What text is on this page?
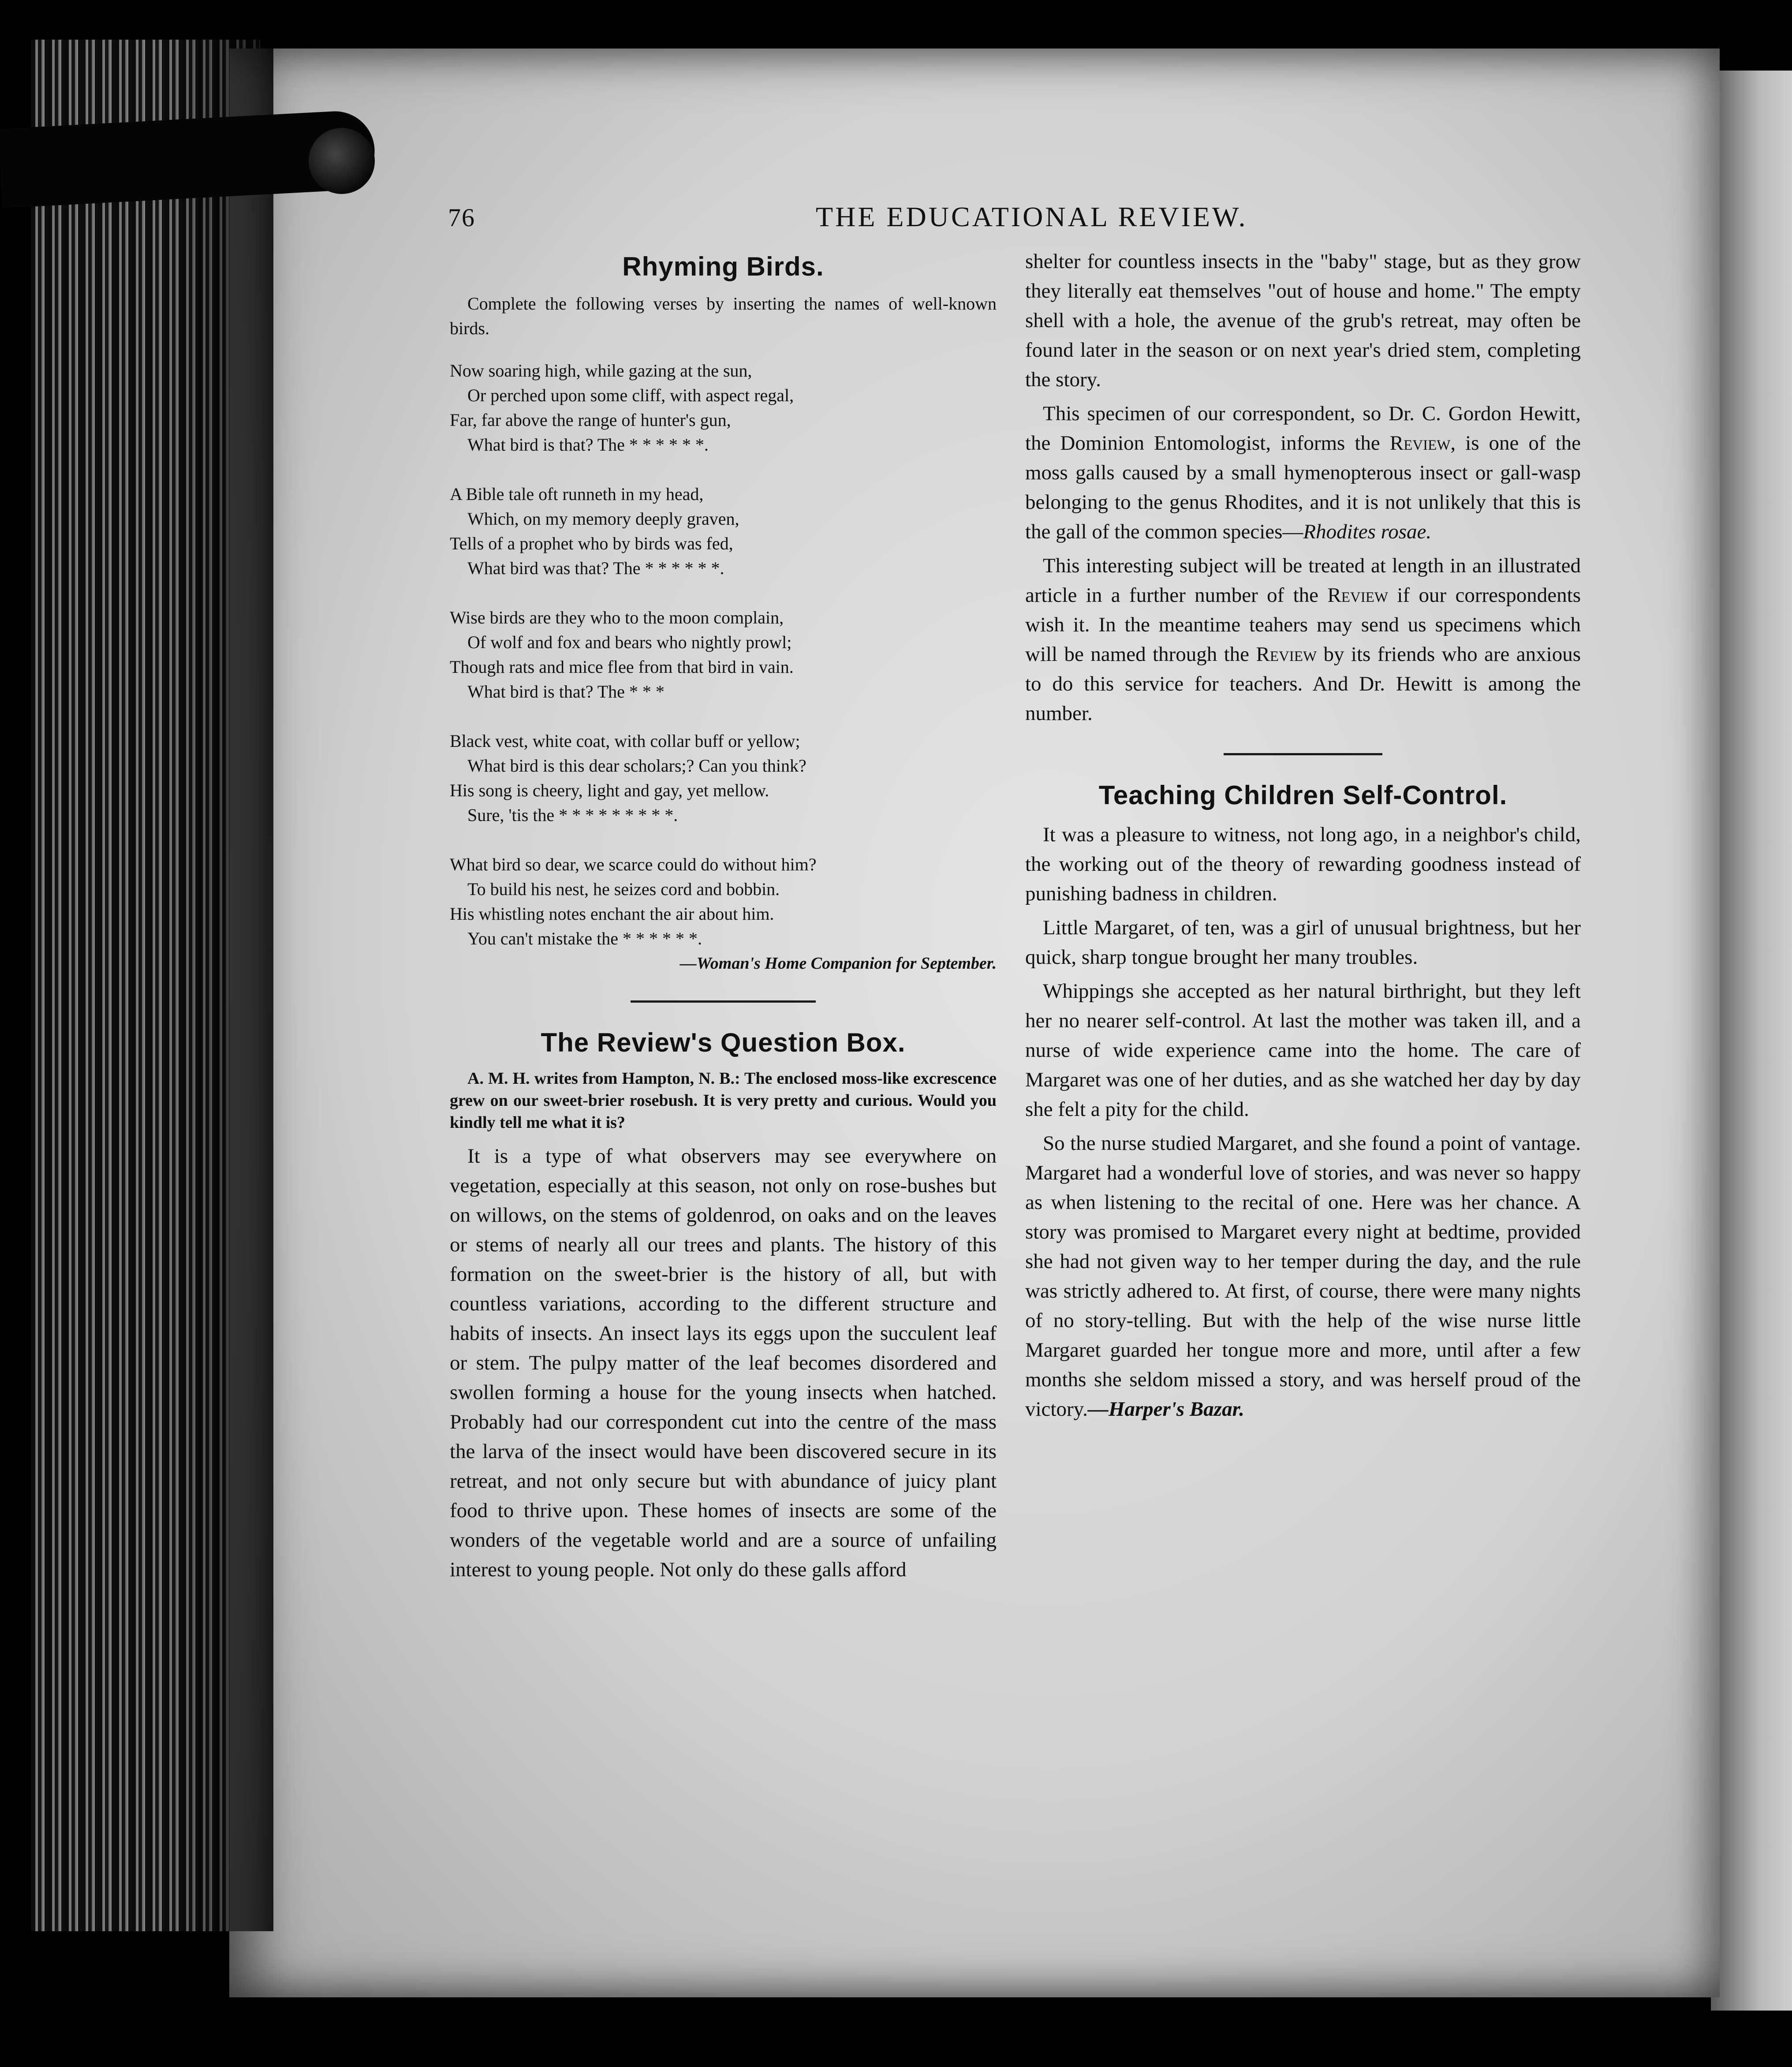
76	THE EDUCATIONAL REVIEW.
Rhyming Birds.

Complete the following verses by inserting the names of well-known birds.

Now soaring high, while gazing at the sun,
Or perched upon some cliff, with aspect regal,
Far, far above the range of hunter's gun,
What bird is that? The * * * * * *.
A Bible tale oft runneth in my head,
Which, on my memory deeply graven,
Tells of a prophet who by birds was fed,
What bird was that? The * * * * * *.
Wise birds are they who to the moon complain,
Of wolf and fox and bears who nightly prowl;
Though rats and mice flee from that bird in vain.
What bird is that? The * * *
Black vest, white coat, with collar buff or yellow;
What bird is this dear scholars;? Can you think?
His song is cheery, light and gay, yet mellow.
Sure, 'tis the * * * * * * * * *.
What bird so dear, we scarce could do without him?
To build his nest, he seizes cord and bobbin.
His whistling notes enchant the air about him.
You can't mistake the * * * * * *.
—Woman's Home Companion for September.
The Review's Question Box.

A. M. H. writes from Hampton, N. B.: The enclosed moss-like excrescence grew on our sweet-brier rosebush. It is very pretty and curious. Would you kindly tell me what it is?

It is a type of what observers may see everywhere on vegetation, especially at this season, not only on rose-bushes but on willows, on the stems of goldenrod, on oaks and on the leaves or stems of nearly all our trees and plants. The history of this formation on the sweet-brier is the history of all, but with countless variations, according to the different structure and habits of insects. An insect lays its eggs upon the succulent leaf or stem. The pulpy matter of the leaf becomes disordered and swollen forming a house for the young insects when hatched. Probably had our correspondent cut into the centre of the mass the larva of the insect would have been discovered secure in its retreat, and not only secure but with abundance of juicy plant food to thrive upon. These homes of insects are some of the wonders of the vegetable world and are a source of unfailing interest to young people. Not only do these galls afford

shelter for countless insects in the "baby" stage, but as they grow they literally eat themselves "out of house and home." The empty shell with a hole, the avenue of the grub's retreat, may often be found later in the season or on next year's dried stem, completing the story.

This specimen of our correspondent, so Dr. C. Gordon Hewitt, the Dominion Entomologist, informs the Review, is one of the moss galls caused by a small hymenopterous insect or gall-wasp belonging to the genus Rhodites, and it is not unlikely that this is the gall of the common species—Rhodites rosae.

This interesting subject will be treated at length in an illustrated article in a further number of the Review if our correspondents wish it. In the meantime teahers may send us specimens which will be named through the Review by its friends who are anxious to do this service for teachers. And Dr. Hewitt is among the number.

Teaching Children Self-Control.

It was a pleasure to witness, not long ago, in a neighbor's child, the working out of the theory of rewarding goodness instead of punishing badness in children.

Little Margaret, of ten, was a girl of unusual brightness, but her quick, sharp tongue brought her many troubles.

Whippings she accepted as her natural birthright, but they left her no nearer self-control. At last the mother was taken ill, and a nurse of wide experience came into the home. The care of Margaret was one of her duties, and as she watched her day by day she felt a pity for the child.

So the nurse studied Margaret, and she found a point of vantage. Margaret had a wonderful love of stories, and was never so happy as when listening to the recital of one. Here was her chance. A story was promised to Margaret every night at bedtime, provided she had not given way to her temper during the day, and the rule was strictly adhered to. At first, of course, there were many nights of no story-telling. But with the help of the wise nurse little Margaret guarded her tongue more and more, until after a few months she seldom missed a story, and was herself proud of the victory.—Harper's Bazar.
